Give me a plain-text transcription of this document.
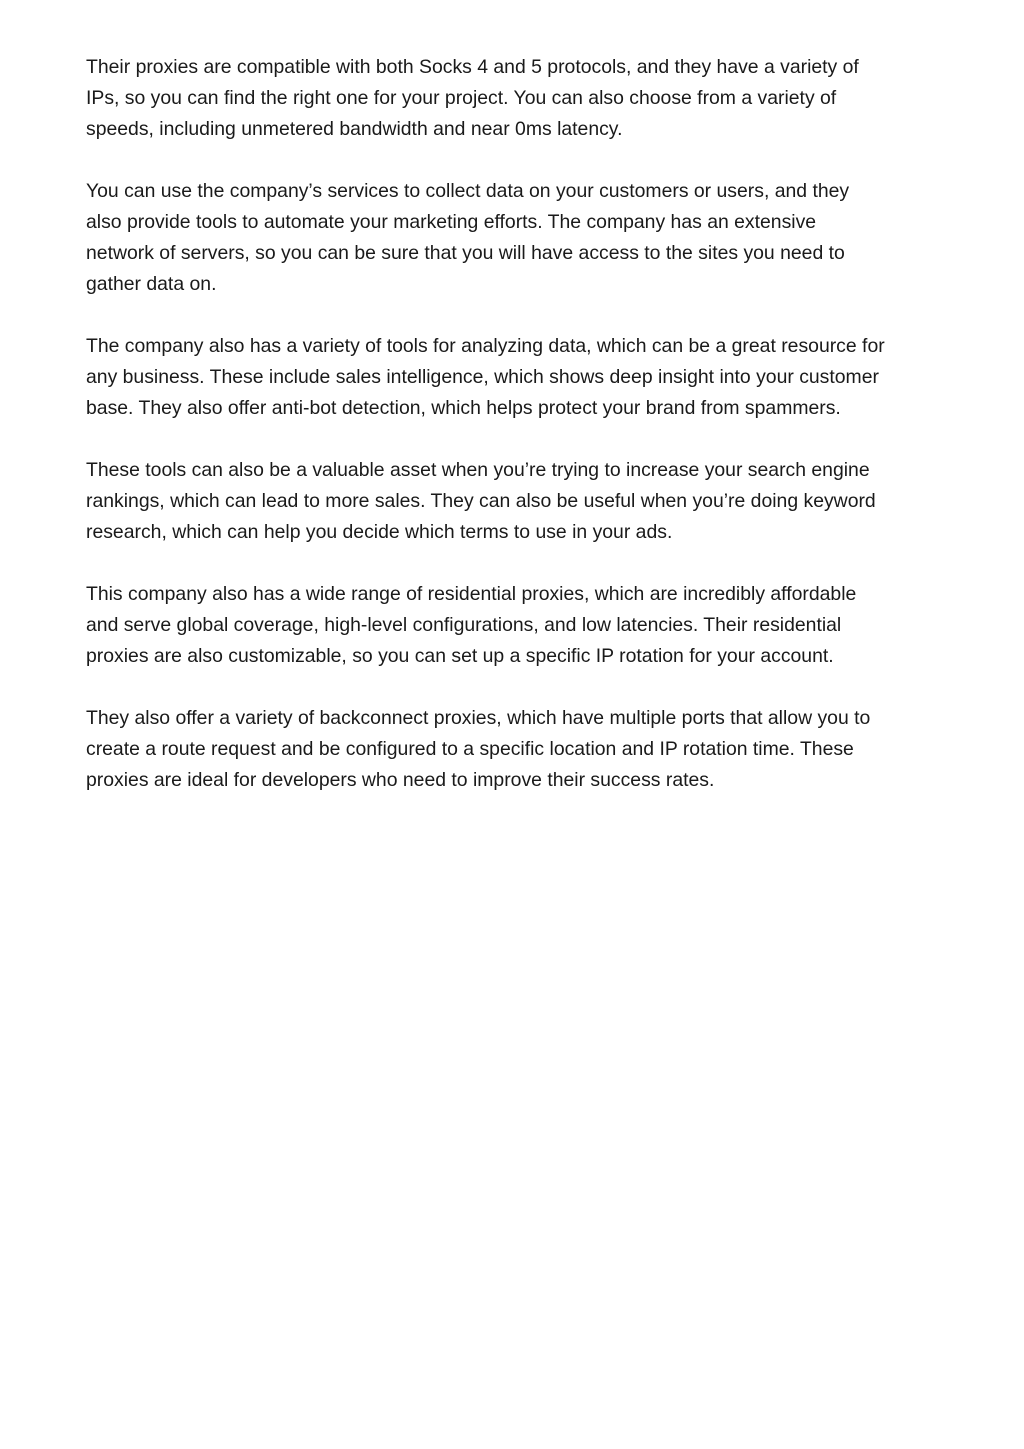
Their proxies are compatible with both Socks 4 and 5 protocols, and they have a variety of
IPs, so you can find the right one for your project. You can also choose from a variety of
speeds, including unmetered bandwidth and near 0ms latency.

You can use the company’s services to collect data on your customers or users, and they
also provide tools to automate your marketing efforts. The company has an extensive
network of servers, so you can be sure that you will have access to the sites you need to
gather data on.

The company also has a variety of tools for analyzing data, which can be a great resource for
any business. These include sales intelligence, which shows deep insight into your customer
base. They also offer anti-bot detection, which helps protect your brand from spammers.

These tools can also be a valuable asset when you’re trying to increase your search engine
rankings, which can lead to more sales. They can also be useful when you’re doing keyword
research, which can help you decide which terms to use in your ads.

This company also has a wide range of residential proxies, which are incredibly affordable
and serve global coverage, high-level configurations, and low latencies. Their residential
proxies are also customizable, so you can set up a specific IP rotation for your account.

They also offer a variety of backconnect proxies, which have multiple ports that allow you to
create a route request and be configured to a specific location and IP rotation time. These
proxies are ideal for developers who need to improve their success rates.
